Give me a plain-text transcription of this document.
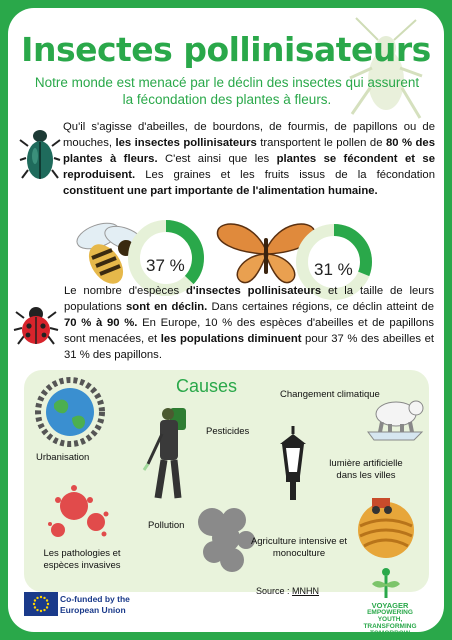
Insectes pollinisateurs
Notre monde est menacé par le déclin des insectes qui assurent la fécondation des plantes à fleurs.
Qu'il s'agisse d'abeilles, de bourdons, de fourmis, de papillons ou de mouches, les insectes pollinisateurs transportent le pollen de 80 % des plantes à fleurs. C'est ainsi que les plantes se fécondent et se reproduisent. Les graines et les fruits issus de la fécondation constituent une part importante de l'alimentation humaine.
37 %	31 %
Le nombre d'espèces d'insectes pollinisateurs et la taille de leurs populations sont en déclin. Dans certaines régions, ce déclin atteint de 70 % à 90 %. En Europe, 10 % des espèces d'abeilles et de papillons sont menacées, et les populations diminuent pour 37 % des abeilles et 31 % des papillons.
Causes
Urbanisation
Pesticides
Changement climatique
lumière artificielle dans les villes
Les pathologies et espèces invasives
Pollution
Agriculture intensive et monoculture
Source : MNHN
Co-funded by the European Union	VOYAGER
EMPOWERING YOUTH, TRANSFORMING TOMORROW
